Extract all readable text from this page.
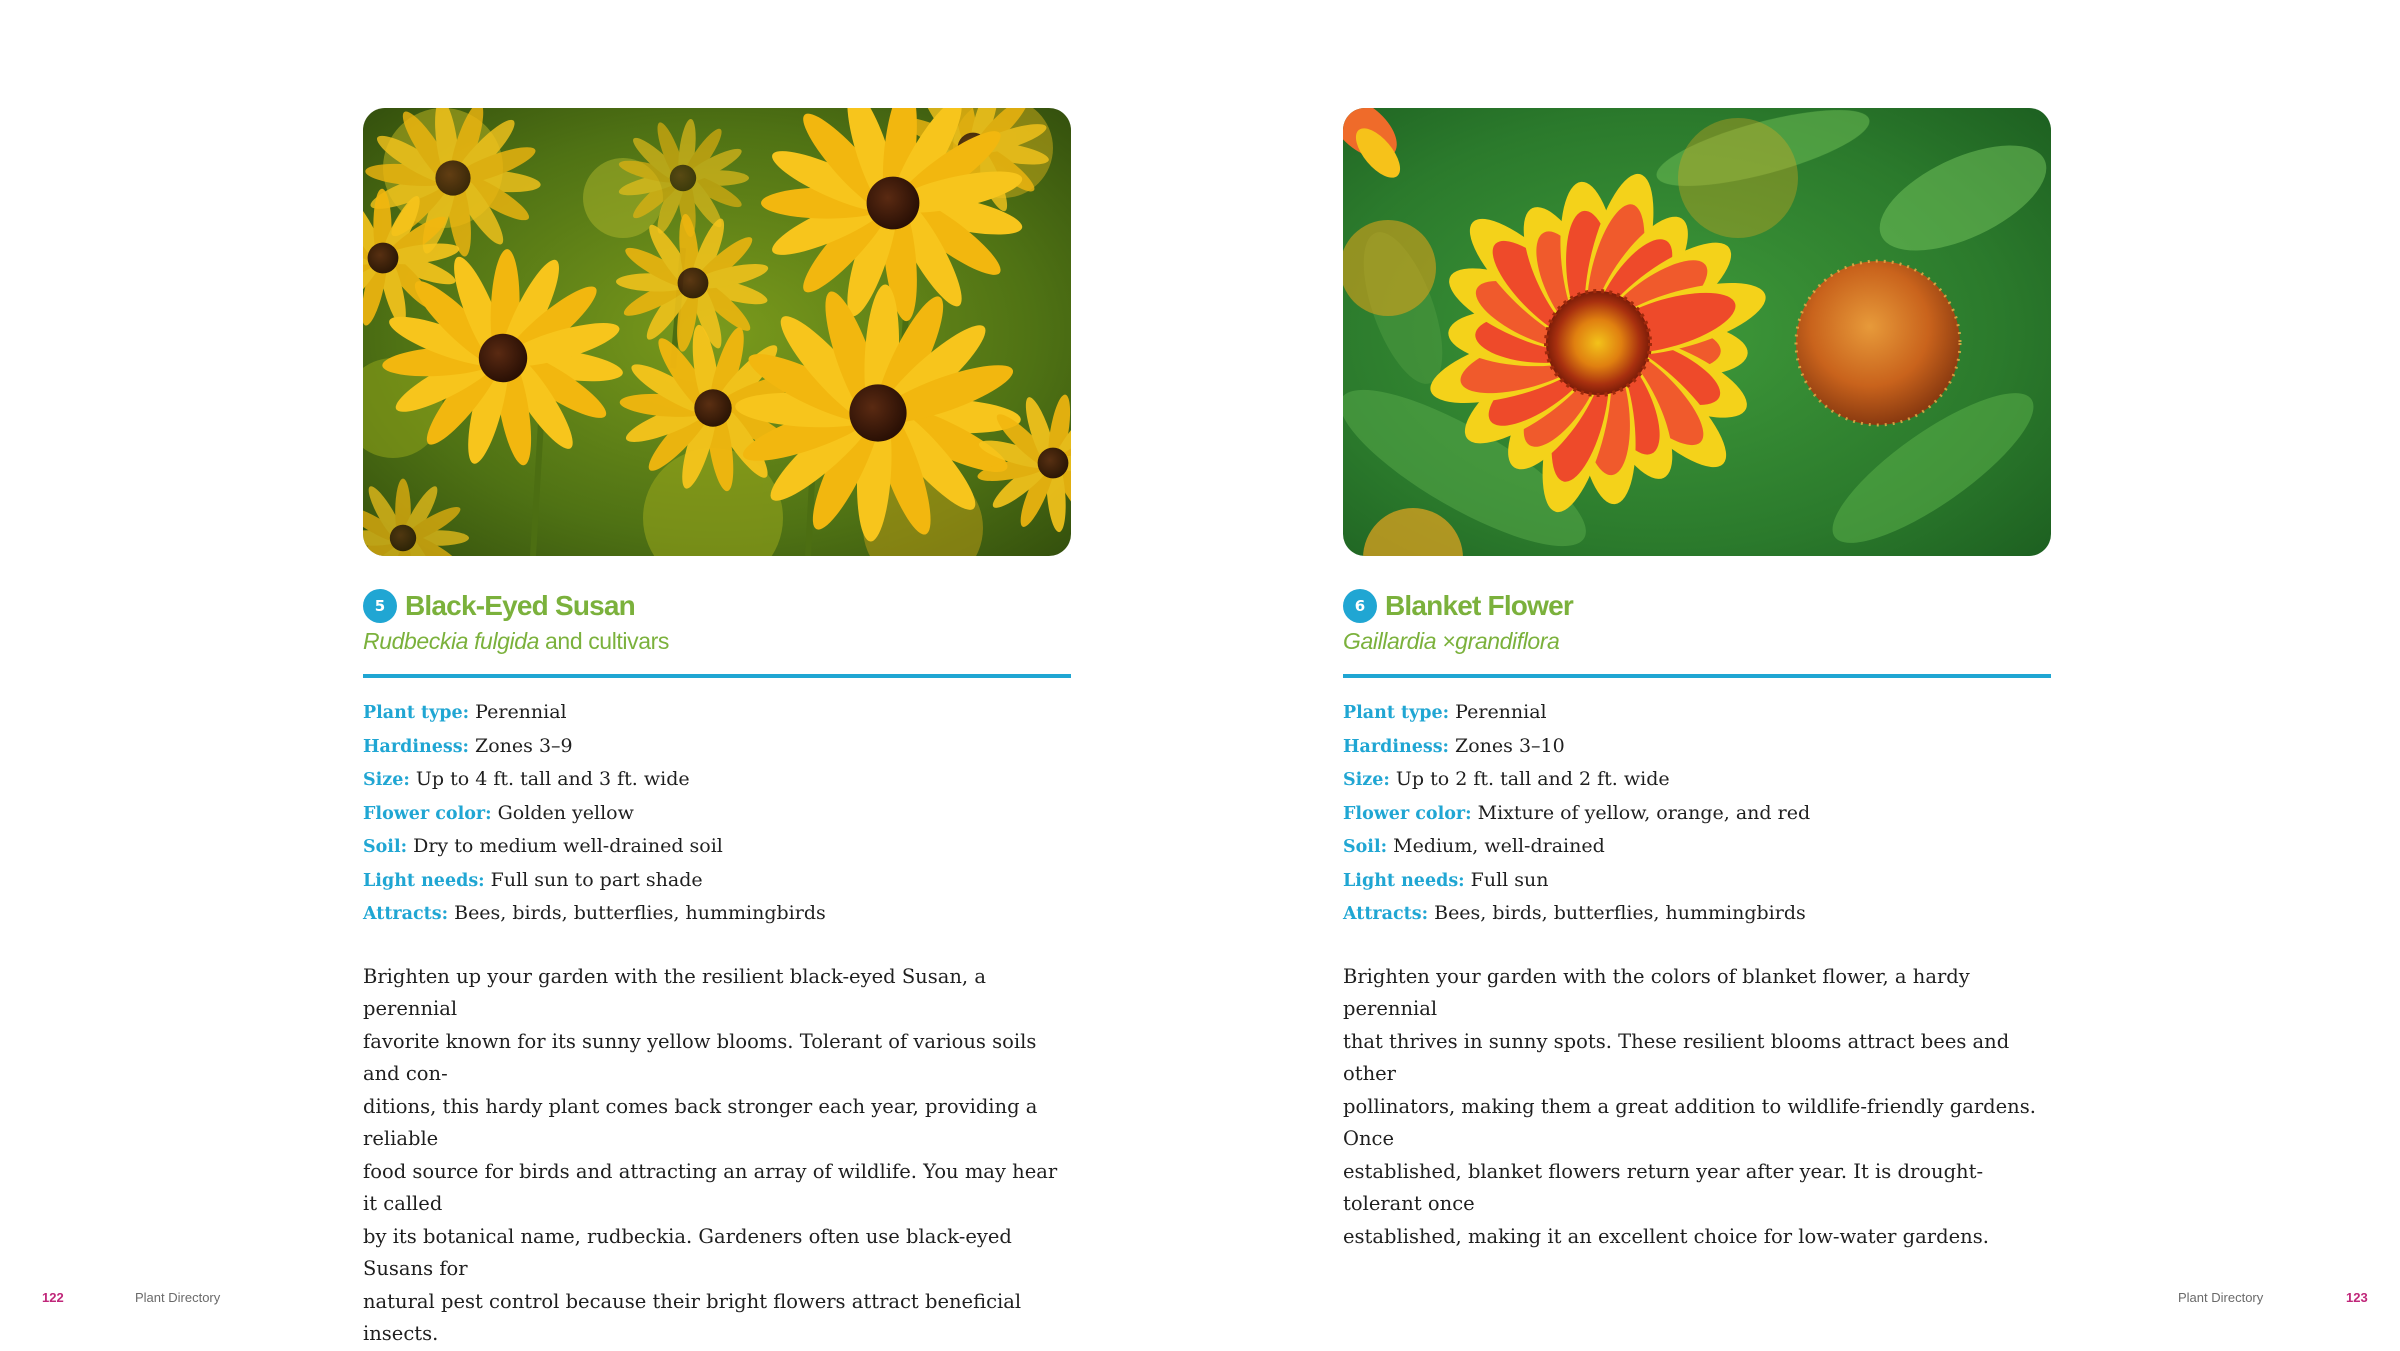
5 Black-Eyed Susan
Rudbeckia fulgida and cultivars
Plant type: Perennial
Hardiness: Zones 3–9
Size: Up to 4 ft. tall and 3 ft. wide
Flower color: Golden yellow
Soil: Dry to medium well-drained soil
Light needs: Full sun to part shade
Attracts: Bees, birds, butterflies, hummingbirds
Brighten up your garden with the resilient black-eyed Susan, a perennial
favorite known for its sunny yellow blooms. Tolerant of various soils and con-
ditions, this hardy plant comes back stronger each year, providing a reliable
food source for birds and attracting an array of wildlife. You may hear it called
by its botanical name, rudbeckia. Gardeners often use black-eyed Susans for
natural pest control because their bright flowers attract beneficial insects.
122	Plant Directory
6 Blanket Flower
Gaillardia ×grandiflora
Plant type: Perennial
Hardiness: Zones 3–10
Size: Up to 2 ft. tall and 2 ft. wide
Flower color: Mixture of yellow, orange, and red
Soil: Medium, well-drained
Light needs: Full sun
Attracts: Bees, birds, butterflies, hummingbirds
Brighten your garden with the colors of blanket flower, a hardy perennial
that thrives in sunny spots. These resilient blooms attract bees and other
pollinators, making them a great addition to wildlife-friendly gardens. Once
established, blanket flowers return year after year. It is drought-tolerant once
established, making it an excellent choice for low-water gardens.
Plant Directory	123
